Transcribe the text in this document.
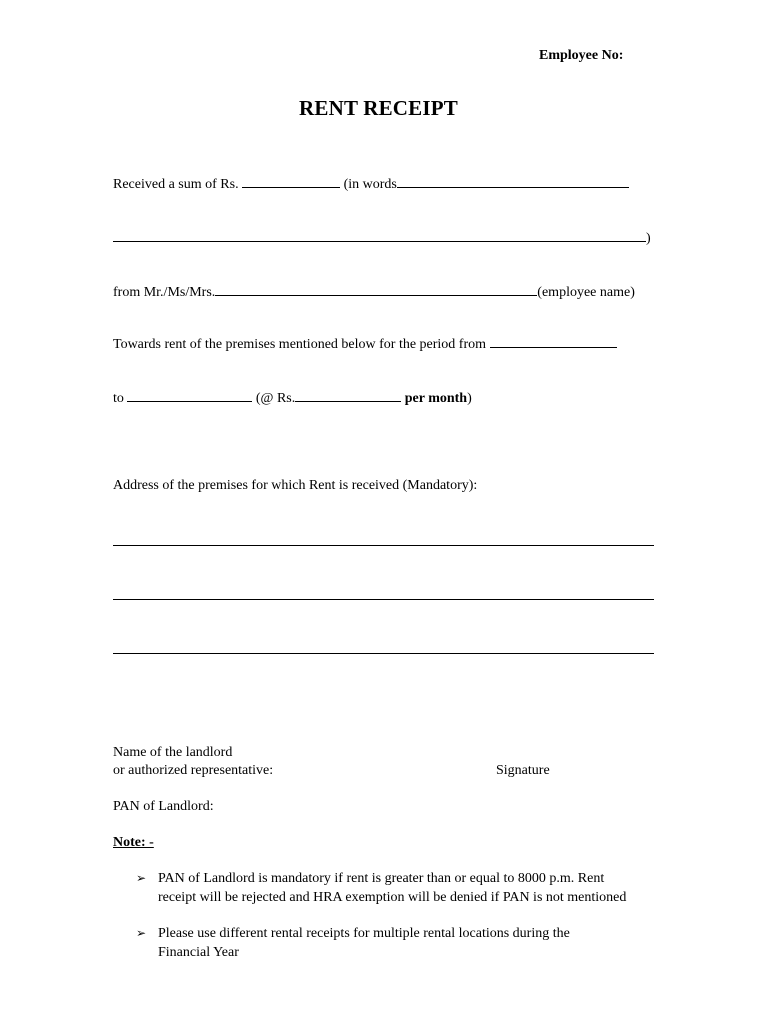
Employee No:
RENT RECEIPT
Received a sum of Rs.	(in words
)
from Mr./Ms/Mrs.	(employee name)
Towards rent of the premises mentioned below for the period from
to	(@ Rs.	per month)
Address of the premises for which Rent is received (Mandatory):
Name of the landlord
or authorized representative:	Signature
PAN of Landlord:
Note: -
➢ PAN of Landlord is mandatory if rent is greater than or equal to 8000 p.m. Rent
receipt will be rejected and HRA exemption will be denied if PAN is not mentioned
➢ Please use different rental receipts for multiple rental locations during the
Financial Year
